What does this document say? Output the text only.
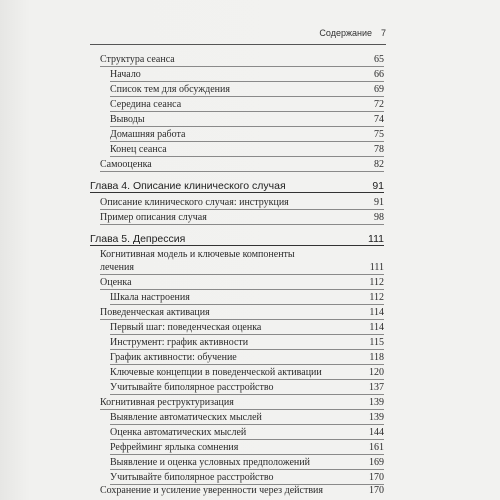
Содержание 7
Структура сеанса	65
Начало	66
Список тем для обсуждения	69
Середина сеанса	72
Выводы	74
Домашняя работа	75
Конец сеанса	78
Самооценка	82
Глава 4. Описание клинического случая	91
Описание клинического случая: инструкция	91
Пример описания случая	98
Глава 5. Депрессия	111
Когнитивная модель и ключевые компоненты
лечения	111
Оценка	112
Шкала настроения	112
Поведенческая активация	114
Первый шаг: поведенческая оценка	114
Инструмент: график активности	115
График активности: обучение	118
Ключевые концепции в поведенческой активации	120
Учитывайте биполярное расстройство	137
Когнитивная реструктуризация	139
Выявление автоматических мыслей	139
Оценка автоматических мыслей	144
Рефрейминг ярлыка сомнения	161
Выявление и оценка условных предположений	169
Учитывайте биполярное расстройство	170
Сохранение и усиление уверенности через действия	170
